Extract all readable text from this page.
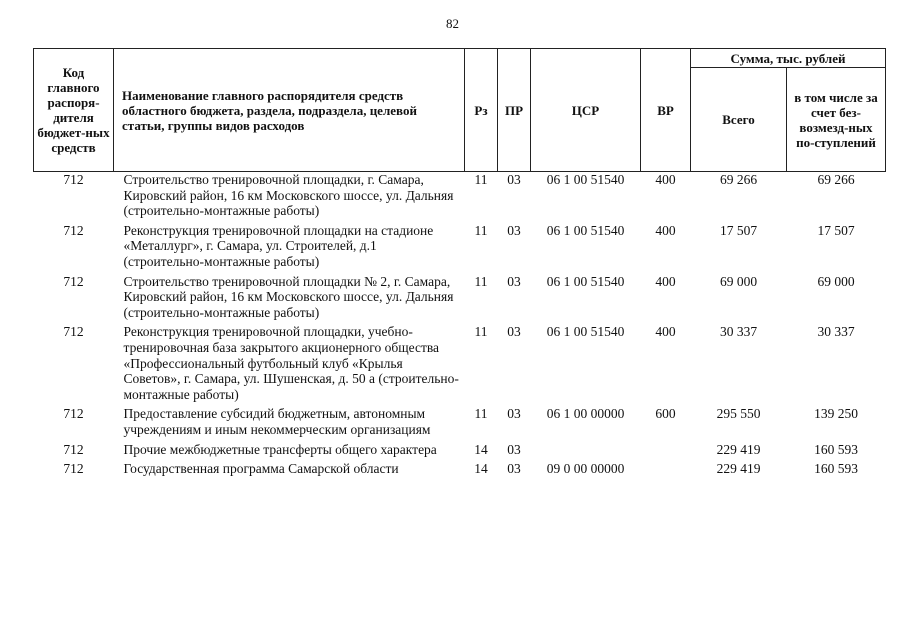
82
Код главного распоря-дителя бюджет-ных средств	Наименование главного распорядителя средств областного бюджета, раздела, подраздела, целевой статьи, группы видов расходов	Рз	ПР	ЦСР	ВР	Сумма, тыс. рублей	
						Всего	в том числе за счет без-возмезд-ных по-ступлений
712	Строительство тренировочной площадки, г. Самара, Кировский район, 16 км Московского шоссе, ул. Дальняя (строительно-монтажные работы)	11	03	06 1 00 51540	400	69 266	69 266
712	Реконструкция тренировочной площадки на стадионе «Металлург», г. Самара, ул. Строителей, д.1 (строительно-монтажные работы)	11	03	06 1 00 51540	400	17 507	17 507
712	Строительство тренировочной площадки № 2, г. Самара, Кировский район, 16 км Московского шоссе, ул. Дальняя (строительно-монтажные работы)	11	03	06 1 00 51540	400	69 000	69 000
712	Реконструкция тренировочной площадки, учебно-тренировочная база закрытого акционерного общества «Профессиональный футбольный клуб «Крылья Советов», г. Самара, ул. Шушенская, д. 50 а (строительно-монтажные работы)	11	03	06 1 00 51540	400	30 337	30 337
712	Предоставление субсидий бюджетным, автономным учреждениям и иным некоммерческим организациям	11	03	06 1 00 00000	600	295 550	139 250
712	Прочие межбюджетные трансферты общего характера	14	03			229 419	160 593
712	Государственная программа Самарской области	14	03	09 0 00 00000		229 419	160 593
